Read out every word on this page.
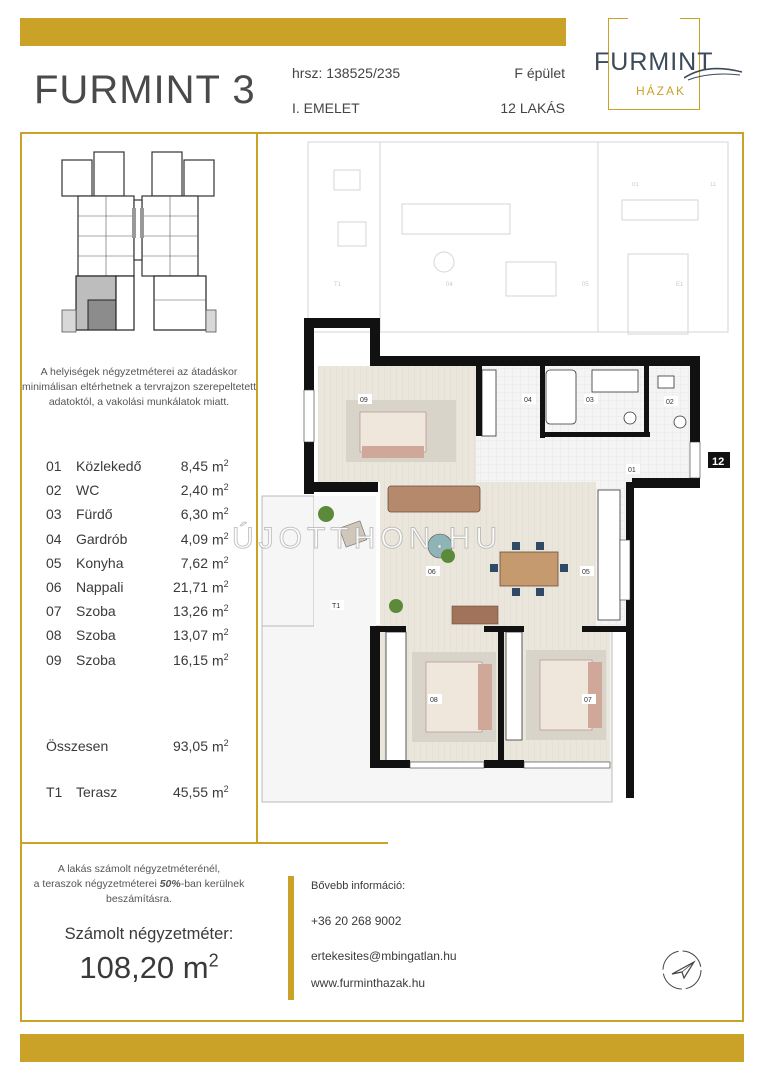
FURMINT 3	hrsz: 138525/235
I. EMELET
F épület
12 LAKÁS
FURMINT
HÁZAK
A helyiségek négyzetméterei az átadáskor minimálisan eltérhetnek a tervrajzon szerepeltetett adatoktól, a vakolási munkálatok miatt.
01 Közlekedő	8,45 $m^2$
02 WC	2,40 $m^2$
03 Fürdő	6,30 $m^2$
04 Gardrób	4,09 $m^2$
05 Konyha	7,62 $m^2$
06 Nappali	21,71 $m^2$
07 Szoba	13,26 $m^2$
08 Szoba	13,07 $m^2$
09 Szoba	16,15 $m^2$
Összesen	93,05 $m^2$
T1 Terasz	45,55 $m^2$
A lakás számolt négyzetméterénél,
a teraszok négyzetméterei 50%-ban kerülnek beszámításra.
Számolt négyzetméter:
108,20 $m^2$
Bővebb információ:
+36 20 268 9002
ertekesites@mbingatlan.hu
www.furminthazak.hu
01
04	05
11
E1
T1
12
01
02
03
04
05
06
07
08
09
T1
ÚJOTTHON.HU
